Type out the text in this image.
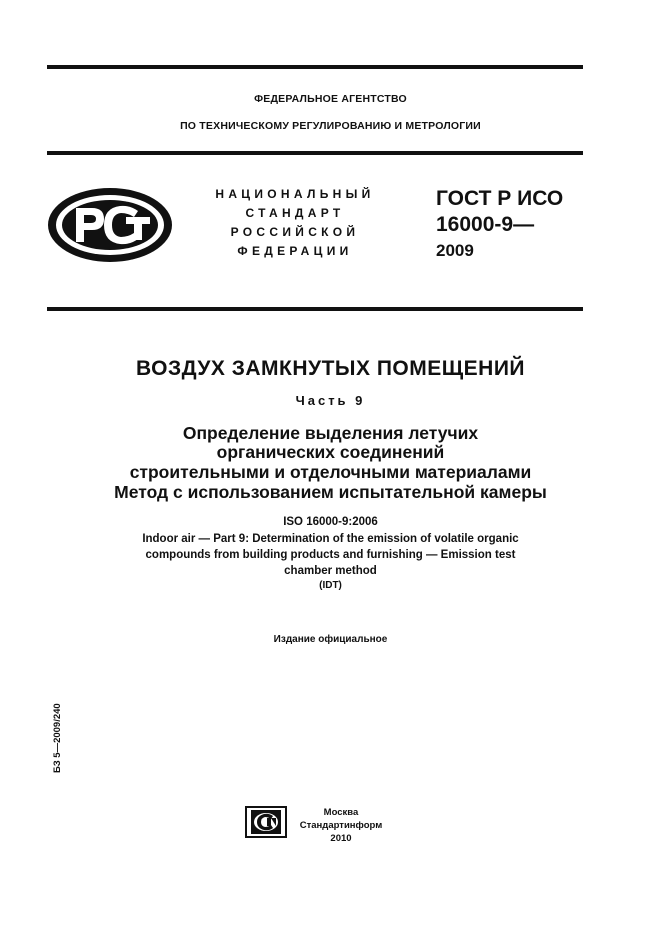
ФЕДЕРАЛЬНОЕ АГЕНТСТВО
ПО ТЕХНИЧЕСКОМУ РЕГУЛИРОВАНИЮ И МЕТРОЛОГИИ
НАЦИОНАЛЬНЫЙ
СТАНДАРТ
РОССИЙСКОЙ
ФЕДЕРАЦИИ
ГОСТ Р ИСО
16000-9—
2009
ВОЗДУХ ЗАМКНУТЫХ ПОМЕЩЕНИЙ
Часть 9
Определение выделения летучих
органических соединений
строительными и отделочными материалами
Метод с использованием испытательной камеры
ISO 16000-9:2006
Indoor air — Part 9: Determination of the emission of volatile organic
compounds from building products and furnishing — Emission test
chamber method
(IDT)
Издание официальное
БЗ 5—2009/240
Москва
Стандартинформ
2010
